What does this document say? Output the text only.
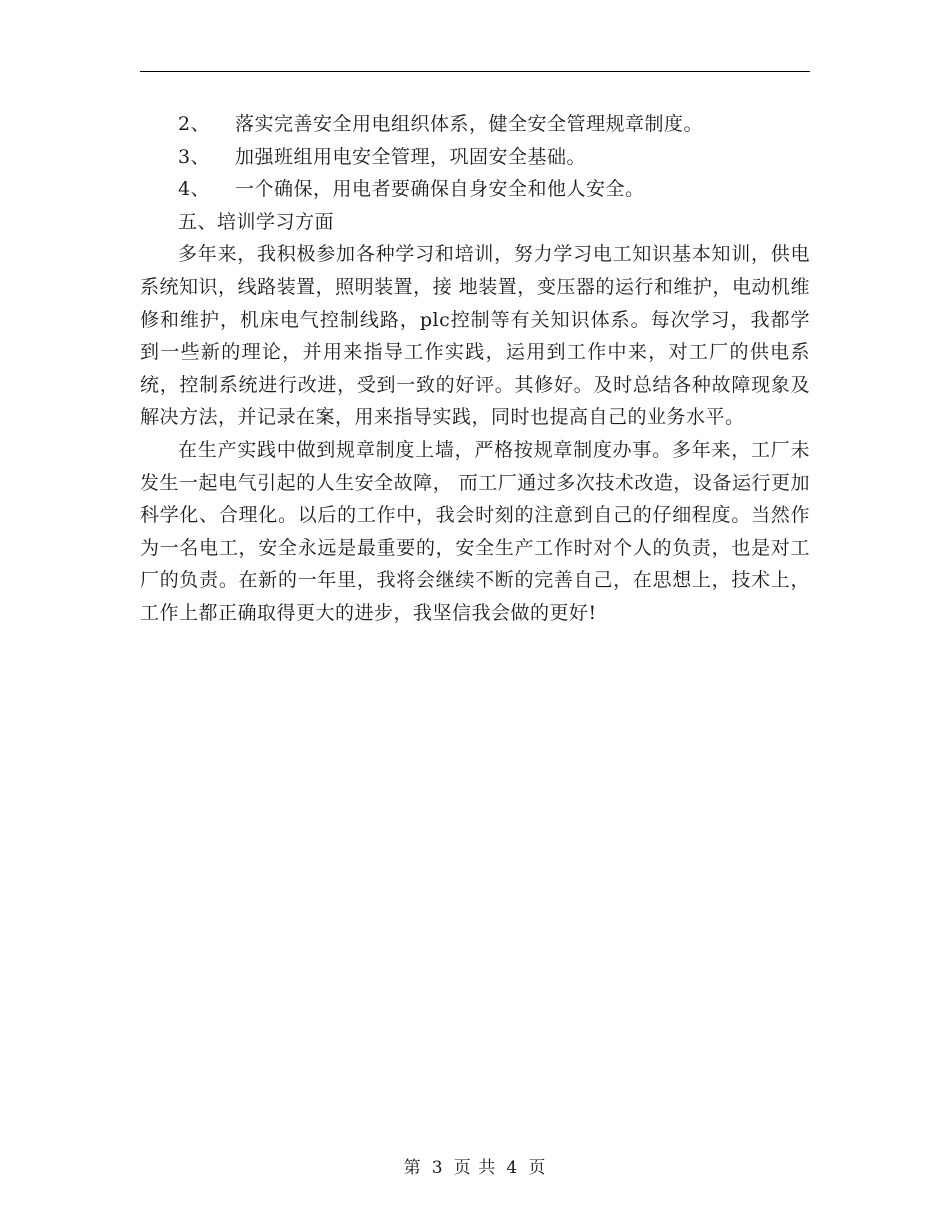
2、 落实完善安全用电组织体系，健全安全管理规章制度。

3、 加强班组用电安全管理，巩固安全基础。

4、 一个确保，用电者要确保自身安全和他人安全。

五、培训学习方面

多年来，我积极参加各种学习和培训，努力学习电工知识基本知训，供电系统知识，线路装置，照明装置，接 地装置，变压器的运行和维护，电动机维修和维护，机床电气控制线路，plc控制等有关知识体系。每次学习，我都学到一些新的理论，并用来指导工作实践，运用到工作中来，对工厂的供电系统，控制系统进行改进，受到一致的好评。其修好。及时总结各种故障现象及解决方法，并记录在案，用来指导实践，同时也提高自己的业务水平。

在生产实践中做到规章制度上墙，严格按规章制度办事。多年来，工厂未发生一起电气引起的人生安全故障， 而工厂通过多次技术改造，设备运行更加科学化、合理化。以后的工作中，我会时刻的注意到自己的仔细程度。当然作为一名电工，安全永远是最重要的，安全生产工作时对个人的负责，也是对工厂的负责。在新的一年里，我将会继续不断的完善自己，在思想上，技术上，工作上都正确取得更大的进步，我坚信我会做的更好!

第 3 页 共 4 页
